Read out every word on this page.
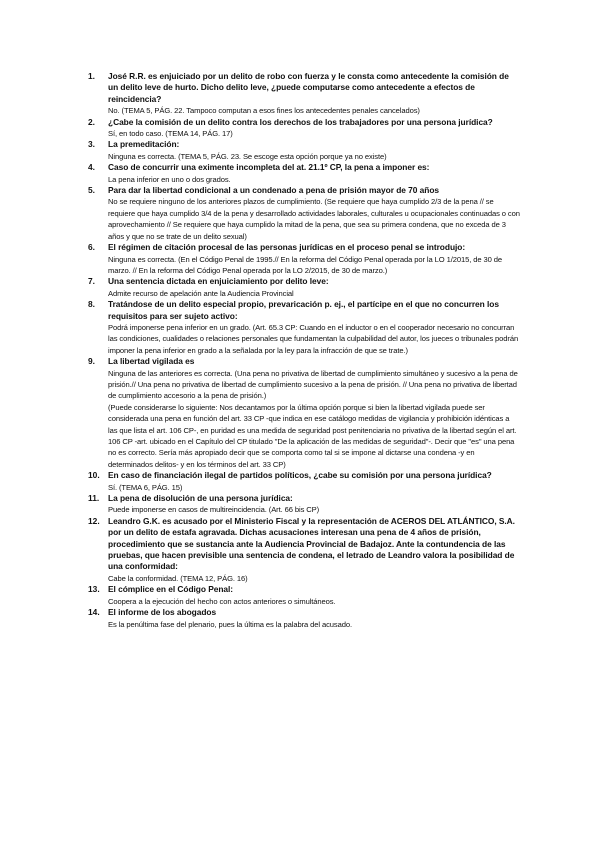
1.	José R.R. es enjuiciado por un delito de robo con fuerza y le consta como antecedente la comisión de un delito leve de hurto. Dicho delito leve, ¿puede computarse como antecedente a efectos de reincidencia?
No. (TEMA 5, PÁG. 22. Tampoco computan a esos fines los antecedentes penales cancelados)
2.	¿Cabe la comisión de un delito contra los derechos de los trabajadores por una persona jurídica?
Sí, en todo caso. (TEMA 14, PÁG. 17)
3.	La premeditación:
Ninguna es correcta. (TEMA 5, PÁG. 23. Se escoge esta opción porque ya no existe)
4.	Caso de concurrir una eximente incompleta del at. 21.1º CP, la pena a imponer es:
La pena inferior en uno o dos grados.
5.	Para dar la libertad condicional a un condenado a pena de prisión mayor de 70 años
No se requiere ninguno de los anteriores plazos de cumplimiento. (Se requiere que haya cumplido 2/3 de la pena // se requiere que haya cumplido 3/4 de la pena y desarrollado actividades laborales, culturales u ocupacionales continuadas o con aprovechamiento // Se requiere que haya cumplido la mitad de la pena, que sea su primera condena, que no exceda de 3 años y que no se trate de un delito sexual)
6.	El régimen de citación procesal de las personas jurídicas en el proceso penal se introdujo:
Ninguna es correcta. (En el Código Penal de 1995.// En la reforma del Código Penal operada por la LO 1/2015, de 30 de marzo. // En la reforma del Código Penal operada por la LO 2/2015, de 30 de marzo.)
7.	Una sentencia dictada en enjuiciamiento por delito leve:
Admite recurso de apelación ante la Audiencia Provincial
8.	Tratándose de un delito especial propio, prevaricación p. ej., el partícipe en el que no concurren los requisitos para ser sujeto activo:
Podrá imponerse pena inferior en un grado. (Art. 65.3 CP: Cuando en el inductor o en el cooperador necesario no concurran las condiciones, cualidades o relaciones personales que fundamentan la culpabilidad del autor, los jueces o tribunales podrán imponer la pena inferior en grado a la señalada por la ley para la infracción de que se trate.)
9.	La libertad vigilada es
Ninguna de las anteriores es correcta. (Una pena no privativa de libertad de cumplimiento simultáneo y sucesivo a la pena de prisión.// Una pena no privativa de libertad de cumplimiento sucesivo a la pena de prisión. // Una pena no privativa de libertad de cumplimiento accesorio a la pena de prisión.)
(Puede considerarse lo siguiente: Nos decantamos por la última opción porque si bien la libertad vigilada puede ser considerada una pena en función del art. 33 CP -que indica en ese catálogo medidas de vigilancia y prohibición idénticas a las que lista el art. 106 CP-, en puridad es una medida de seguridad post penitenciaria no privativa de la libertad según el art. 106 CP -art. ubicado en el Capítulo del CP titulado "De la aplicación de las medidas de seguridad"-. Decir que "es" una pena no es correcto. Sería más apropiado decir que se comporta como tal si se impone al dictarse una condena -y en determinados delitos- y en los términos del art. 33 CP)
10. En caso de financiación ilegal de partidos políticos, ¿cabe su comisión por una persona jurídica?
Sí. (TEMA 6, PÁG. 15)
11.	La pena de disolución de una persona jurídica:
Puede imponerse en casos de multireincidencia. (Art. 66 bis CP)
12. Leandro G.K. es acusado por el Ministerio Fiscal y la representación de ACEROS DEL ATLÁNTICO, S.A. por un delito de estafa agravada. Dichas acusaciones interesan una pena de 4 años de prisión, procedimiento que se sustancia ante la Audiencia Provincial de Badajoz. Ante la contundencia de las pruebas, que hacen previsible una sentencia de condena, el letrado de Leandro valora la posibilidad de una conformidad:
Cabe la conformidad. (TEMA 12, PÁG. 16)
13. El cómplice en el Código Penal:
Coopera a la ejecución del hecho con actos anteriores o simultáneos.
14. El informe de los abogados
Es la penúltima fase del plenario, pues la última es la palabra del acusado.
